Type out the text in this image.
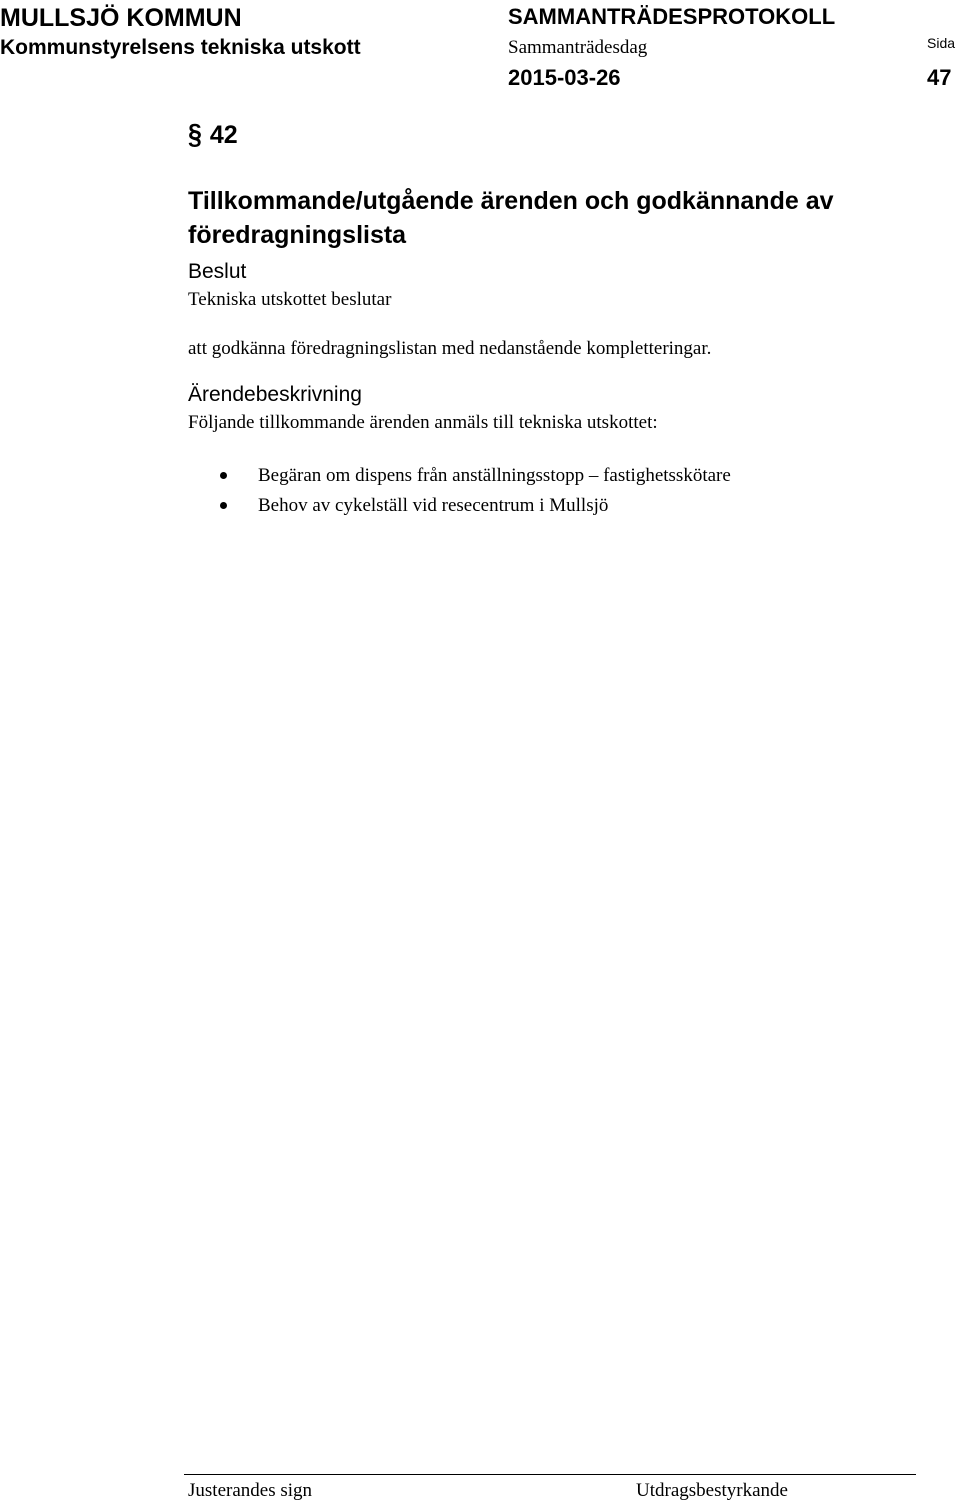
MULLSJÖ KOMMUN
Kommunstyrelsens tekniska utskott
SAMMANTRÄDESPROTOKOLL
Sammanträdesdag
2015-03-26
Sida
47
§ 42
Tillkommande/utgående ärenden och godkännande av föredragningslista
Beslut
Tekniska utskottet beslutar
att godkänna föredragningslistan med nedanstående kompletteringar.
Ärendebeskrivning
Följande tillkommande ärenden anmäls till tekniska utskottet:
Begäran om dispens från anställningsstopp – fastighetsskötare
Behov av cykelställ vid resecentrum i Mullsjö
Justerandes sign	Utdragsbestyrkande
